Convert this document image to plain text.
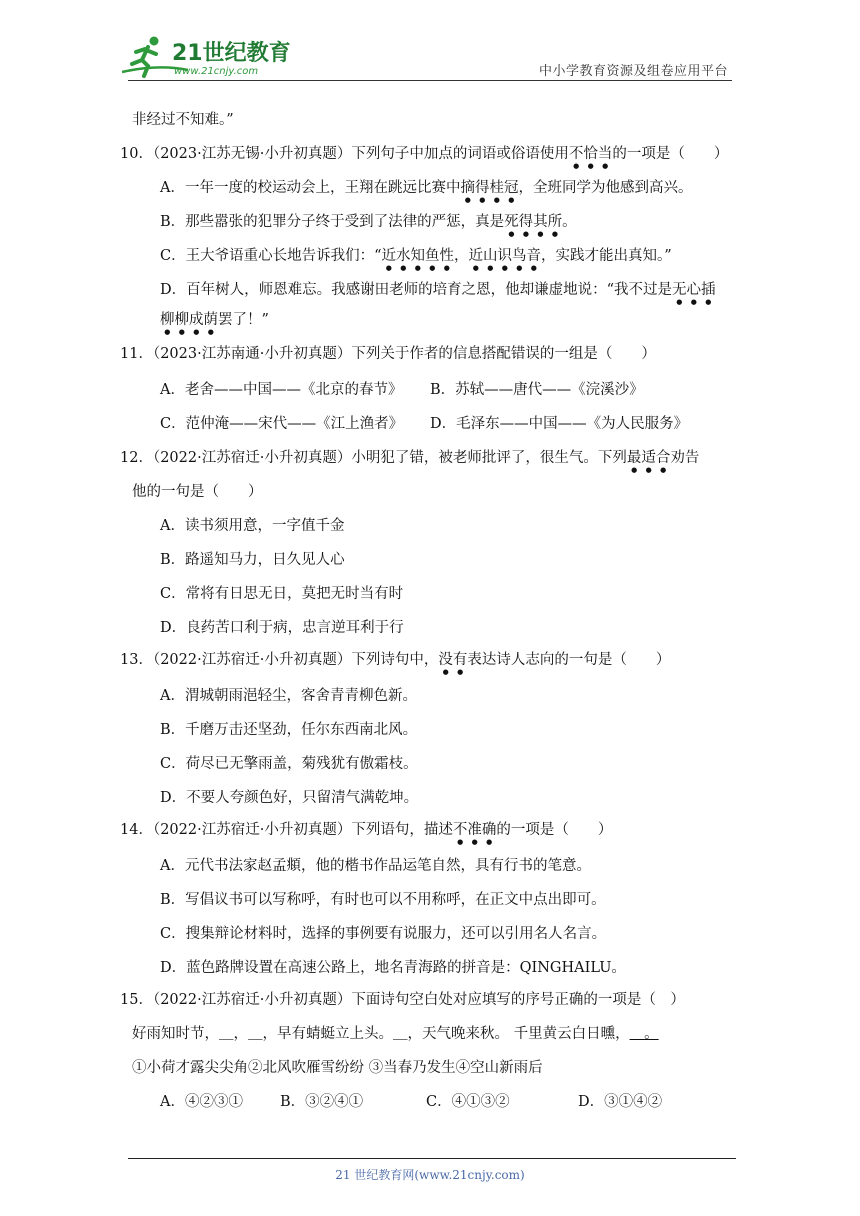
21世纪教育
www.21cnjy.com	中小学教育资源及组卷应用平台
非经过不知难。”
10．（2023·江苏无锡·小升初真题）下列句子中加点的词语或俗语使用不恰当的一项是（　　）
A．一年一度的校运动会上，王翔在跳远比赛中摘得桂冠，全班同学为他感到高兴。
B．那些嚣张的犯罪分子终于受到了法律的严惩，真是死得其所。
C．王大爷语重心长地告诉我们：“近水知鱼性，近山识鸟音，实践才能出真知。”
D．百年树人，师恩难忘。我感谢田老师的培育之恩，他却谦虚地说：“我不过是无心插
柳柳成荫罢了！”
11．（2023·江苏南通·小升初真题）下列关于作者的信息搭配错误的一组是（　　）
A．老舍——中国——《北京的春节》 B．苏轼——唐代——《浣溪沙》
C．范仲淹——宋代——《江上渔者》 D．毛泽东——中国——《为人民服务》
12．（2022·江苏宿迁·小升初真题）小明犯了错，被老师批评了，很生气。下列最适合劝告
他的一句是（　　）
A．读书须用意，一字值千金
B．路遥知马力，日久见人心
C．常将有日思无日，莫把无时当有时
D．良药苦口利于病，忠言逆耳利于行
13．（2022·江苏宿迁·小升初真题）下列诗句中，没有表达诗人志向的一句是（　　）
A．渭城朝雨浥轻尘，客舍青青柳色新。
B．千磨万击还坚劲，任尔东西南北风。
C．荷尽已无擎雨盖，菊残犹有傲霜枝。
D．不要人夸颜色好，只留清气满乾坤。
14．（2022·江苏宿迁·小升初真题）下列语句，描述不准确的一项是（　　）
A．元代书法家赵孟頫，他的楷书作品运笔自然，具有行书的笔意。
B．写倡议书可以写称呼，有时也可以不用称呼，在正文中点出即可。
C．搜集辩论材料时，选择的事例要有说服力，还可以引用名人名言。
D．蓝色路牌设置在高速公路上，地名青海路的拼音是：QINGHAILU。
15．（2022·江苏宿迁·小升初真题）下面诗句空白处对应填写的序号正确的一项是（　）
好雨知时节，＿，＿，早有蜻蜓立上头。＿，天气晚来秋。 千里黄云白日曛，＿。
①小荷才露尖尖角②北风吹雁雪纷纷 ③当春乃发生④空山新雨后
A．④②③①	B．③②④①	C．④①③②	D．③①④②
21 世纪教育网(www.21cnjy.com)
